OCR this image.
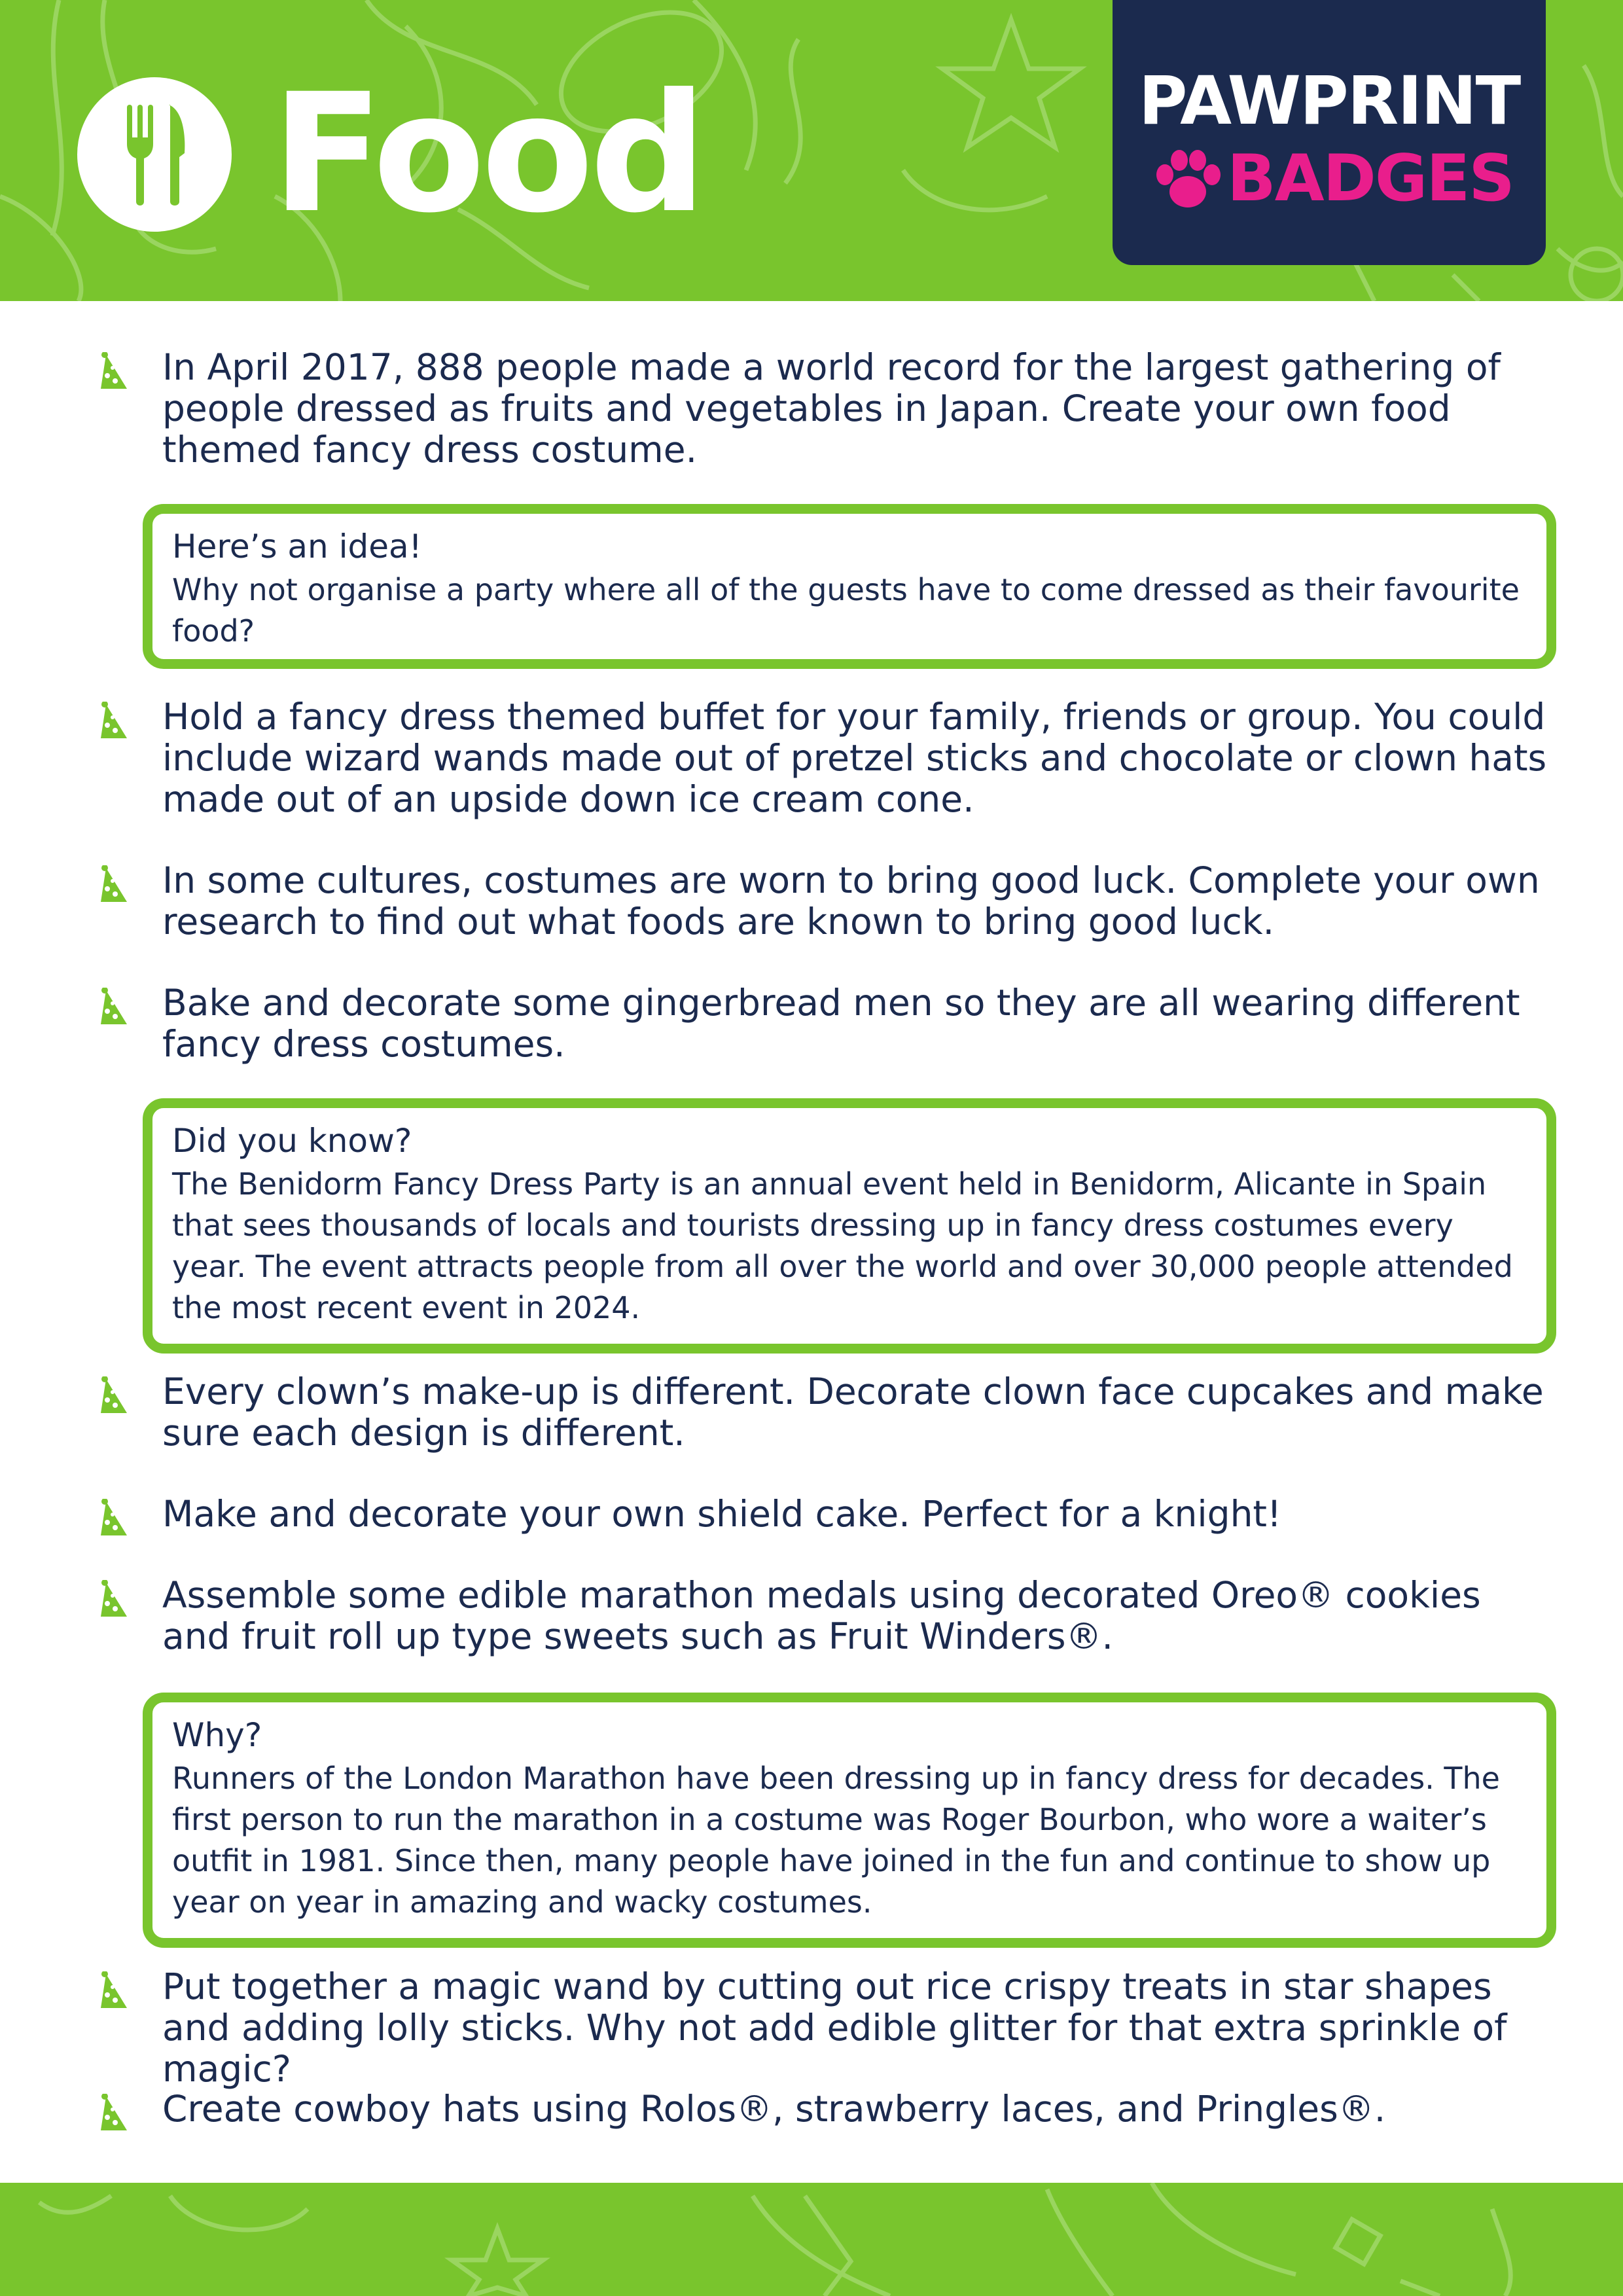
Food	PAWPRINT
BADGES

In April 2017, 888 people made a world record for the largest gathering of people dressed as fruits and vegetables in Japan. Create your own food themed fancy dress costume.

Here’s an idea!
Why not organise a party where all of the guests have to come dressed as their favourite food?

Hold a fancy dress themed buffet for your family, friends or group. You could include wizard wands made out of pretzel sticks and chocolate or clown hats made out of an upside down ice cream cone.

In some cultures, costumes are worn to bring good luck. Complete your own research to find out what foods are known to bring good luck.

Bake and decorate some gingerbread men so they are all wearing different fancy dress costumes.

Did you know?
The Benidorm Fancy Dress Party is an annual event held in Benidorm, Alicante in Spain that sees thousands of locals and tourists dressing up in fancy dress costumes every year. The event attracts people from all over the world and over 30,000 people attended the most recent event in 2024.

Every clown’s make-up is different. Decorate clown face cupcakes and make sure each design is different.

Make and decorate your own shield cake. Perfect for a knight!

Assemble some edible marathon medals using decorated Oreo® cookies and fruit roll up type sweets such as Fruit Winders®.

Why?
Runners of the London Marathon have been dressing up in fancy dress for decades. The first person to run the marathon in a costume was Roger Bourbon, who wore a waiter’s outfit in 1981. Since then, many people have joined in the fun and continue to show up year on year in amazing and wacky costumes.

Put together a magic wand by cutting out rice crispy treats in star shapes and adding lolly sticks. Why not add edible glitter for that extra sprinkle of magic?

Create cowboy hats using Rolos®, strawberry laces, and Pringles®.
